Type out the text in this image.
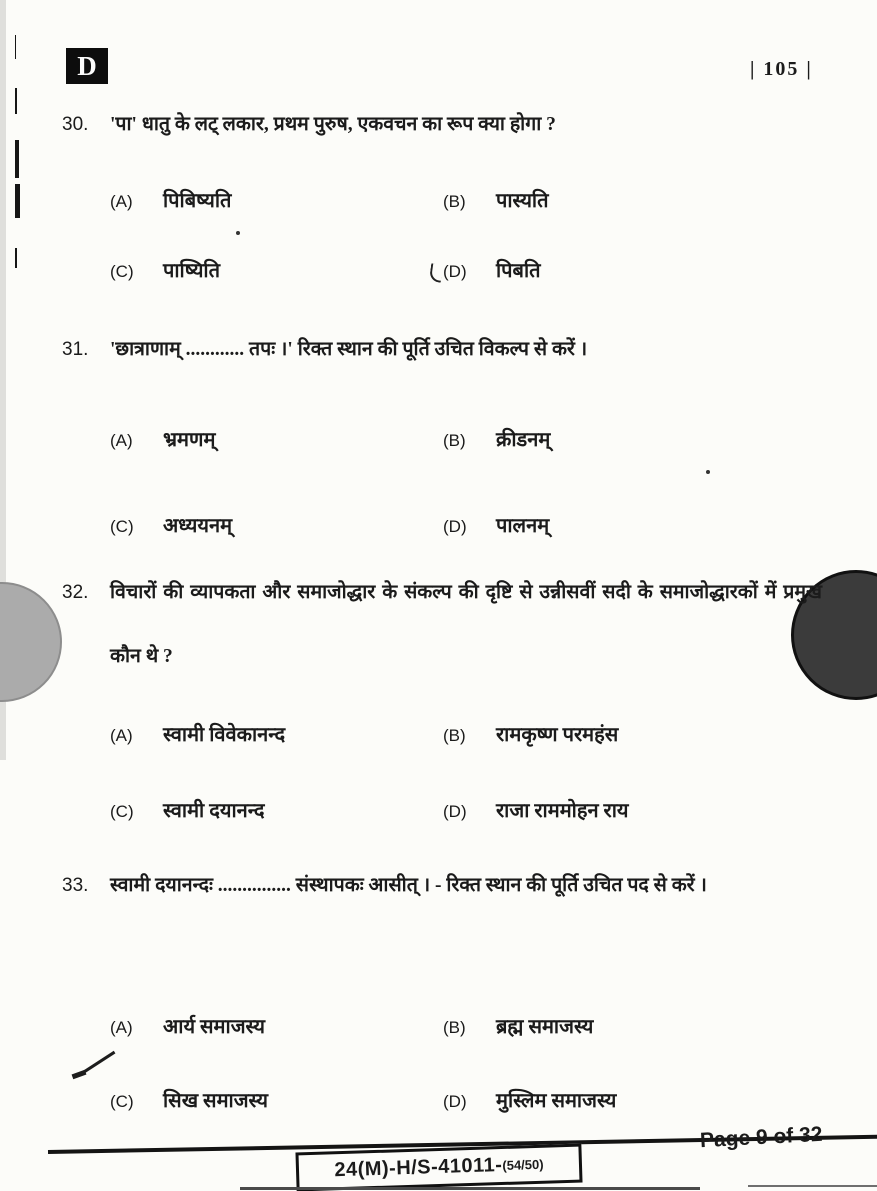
D	| 105 |
30.	'पा' धातु के लट् लकार, प्रथम पुरुष, एकवचन का रूप क्या होगा ?
(A)	पिबिष्यति	(B)	पास्यति
(C)	पाष्यिति	(D)	पिबति
31.	'छात्राणाम् ............ तपः ।' रिक्त स्थान की पूर्ति उचित विकल्प से करें ।
(A)	भ्रमणम्	(B)	क्रीडनम्
(C)	अध्ययनम्	(D)	पालनम्
32.	विचारों की व्यापकता और समाजोद्धार के संकल्प की दृष्टि से उन्नीसवीं सदी के समाजोद्धारकों में प्रमुख कौन थे ?
(A)	स्वामी विवेकानन्द	(B)	रामकृष्ण परमहंस
(C)	स्वामी दयानन्द	(D)	राजा राममोहन राय
33.	स्वामी दयानन्दः ............... संस्थापकः आसीत् । - रिक्त स्थान की पूर्ति उचित पद से करें ।
(A)	आर्य समाजस्य	(B)	ब्रह्म समाजस्य
(C)	सिख समाजस्य	(D)	मुस्लिम समाजस्य
24(M)-H/S-41011- (54/50)
Page 9 of 32
